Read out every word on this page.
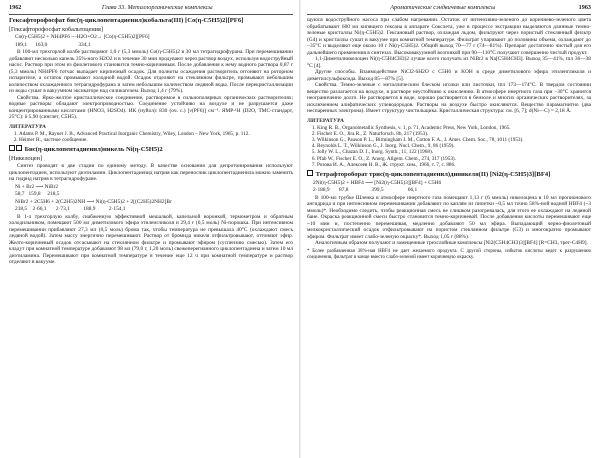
1962	Глава 33. Металлорганические комплексы
Гексафторофосфат бис(η-циклопентадиенил)кобальта(III) [Co(η-C5H5)2][PF6]
[Гексафторофосфат кобальтоцения]
Co(η-C5H5)2 + NH4PF6 —H2O+O2→ [Co(η-C5H5)2][PF6]
189,1      163,0                       334,1

В 100-мл трехгорлой колбе растворяют 1,0 г (5,3 ммоль) Co(η-C5H5)2 в 30 мл тетрагидрофурана. При перемешивании добавляют несколько капель 35%-ного H2O2 и в течение 30 мин продувают через раствор воздух, используя водоструйный насос. Раствор при этом из фиолетового становится темно-коричневым. После добавления к нему водного раствора 0,87 г (5,3 ммоль) NH4PF6 тотчас выпадает кирпичный осадок. Для полноты осаждения растворитель отгоняют на роторном испарителе, а остаток промывают холодной водой. Осадок отделяют на стеклянном фильтре, промывают небольшим количеством охлажденного тетрагидрофурана и затем небольшим количеством ледяной воды. После перекристаллизации из воды сушат в вакуумном эксикаторе над силикагелем. Выход 1,4 г (79%).

Свойства. Ярко-желтое кристаллическое соединение, растворимое в сильнополярных органических растворителях; водные растворы обладают электропроводностью. Соединение устойчиво на воздухе и не разрушается даже концентрированными кислотами (HNO3, H2SO4). ИК (нуйол): 830 (оч. с.) [ν(PF6)] см⁻¹. ЯМР-¹H (D2O, ТМС-стандарт, 25°C): δ 5,90 (синглет, C5H5).

ЛИТЕРАТУРА
1. Adams P. M., Rayner J. B., Advanced Practical Inorganic Chemistry, Wiley, London – New York, 1965, p. 112.
2. Heimer H., частное сообщение.
Бис(η-циклопентадиенил)никель Ni(η-C5H5)2
[Никелоцен]

Синтез проводят в две стадии по единому методу. В качестве основания для депротонирования используют циклопентадиен, используют диэтиламин. Циклопентадиенид натрия как переносчик циклопентадиенила можно заменить на гидрид натрия в тетрагидрофуране.

Ni + Br2 ⟶ NiBr2
58,7   159,8     218,5
NiBr2 + 2C5H6 + 2(C2H5)2NH ⟶ Ni(η-C5H5)2 + 2[(C2H5)2NH2]Br
218,5    2·66,1       2·73,1          188,9          2·154,1

В 1-л трехгорлую колбу, снабженную эффективной мешалкой, капельной воронкой, термометром и обратным холодильником, помещают 500 мл диметилового эфира этиленгликоля и 29,4 г (0,5 моль) Ni-порошка. При интенсивном перемешивании прибавляют 27,3 мл (0,5 моль) брома так, чтобы температура не превышала 40°C (охлаждают смесь ледяной водой). Затем массу энергично перемешивают. Раствор от бромида никеля отфильтровывают, отгоняют эфир. Желто-коричневый осадок отсасывают на стеклянном фильтре и промывают эфиром (суспензию смесью). Затем его кладут при комнатной температуре добавляют 98 мл (79,0 г, 1,20 моль) свежеперегнанного циклопентадиена и затем 10 мл диэтиламина. Перемешивают при комнатной температуре в течение еще 12 ч при комнатной температуре и раствор отделяют в вакууме.

Ароматические сэндвичевые комплексы	1963

щуюся водоструйного насоса при слабом нагревании. Остаток от интенсивно-зеленого до коричнево-зеленого цвета обрабатывают 600 мл кипящего гексана в аппарате Сокслета, уже в процессе экстракции выделяются длинные темно-зеленые кристаллы Ni(η-C5H5)2. Гексановый раствор, охлаждая льдом, фильтруют через пористый стеклянный фильтр (G4) и кристаллы сушат в вакууме при комнатной температуре. Фильтрат упаривают до половины объема, охлаждают до −35°C и выделяют еще около 10 г Ni(η-C5H5)2. Общий выход 70—77 г (74—81%). Препарат достаточно чистый для его дальнейшего применения в синтезах. Высоковакуумной возгонкой при 90—110°C получают совершенно чистый продукт.

1,1-Диметилникелоцен Ni(η-C5H4CH3)2 лучше всего получать из NiBr2 в Na[C5H4CH3]. Выход 35—41%, tпл 36—38 °C [4].

Другие способы. Взаимодействие NiCl2·6H2O с C5H6 и KOH в среде диметилового эфира этиленгликоля и диметилсульфоксида. Выход 85—87% [5].

Свойства. Темно-зеленые с металлическим блеском иголки или листочки, tпл 173—174°C. В твердом состоянии вещество разлагается на воздухе, в растворе неустойчиво к окислению. В атмосфере инертного газа при −30°C хранится неограниченно долго. Не растворяется в воде, хорошо растворяется в бензоле и многих органических растворителях, за исключением алифатических углеводородов. Растворы на воздухе быстро окисляются. Вещество парамагнитно (два неспаренных электрона). Имеет структуру чистильщика. Кристаллическая структура: см. [6, 7]; d(Ni—C) = 2,18 Å.

ЛИТЕРАТУРА
1. King R. B., Organometallic Synthesis, v. 1, p. 71, Academic Press, New York, London, 1965.
2. Fischer E. O., Jira R., Z. Naturforsch. 8b, 217 (1953).
3. Wilkinson G., Pauson P. L., Birmingham J. M., Cotton F. A., J. Amer. Chem. Soc., 78, 1011 (1953).
4. Reynolds L. T., Wilkinson G., J. Inorg. Nucl. Chem., 9, 86 (1959).
5. Jolly W. L., Chazan D. J., Inorg. Synth., 11, 122 (1968).
6. Pfab W., Fischer E. O., Z. Anorg. Allgem. Chem., 274, 317 (1953).
7. Розова И. А., Алексеев Н. В., Ж. структ. хим., 1966, т. 7, с. 886.
Тетрафтороборат трис(η-циклопентадиенил)диникеля(II) [Ni2(η-C5H5)3][BF4]
2Ni(η-C5H5)2 + HBF4 ⟶ [Ni2(η-C5H5)3][BF4] + C5H6
2·188,9       87,8                 399,5                  66,1

В 100-мл трубке Шленка в атмосфере инертного газа помещают 1,13 г (6 ммоль) никелоцена в 10 мл пропионового ангидрида и при интенсивном перемешивании добавляют по каплям из пипетки ~0,5 мл точно 58%-ной водной HBF4 (~3 ммоль)*. Необходимо следить, чтобы реакционная смесь не слишком разогревалась, для этого ее охлаждают на ледяной бане. Окраска реакционной смеси быстро становится темно-коричневой. После добавления кислоты перемешивают еще ~10 мин и, постепенно перемешивая, медленно добавляют 50 мл эфира. Выпадающий черно-фиолетовый мелкокристаллический осадок отфильтровывают на пористом стеклянном фильтре (G3) и многократно промывают эфиром. Фильтрат имеет слабо-зеленую окраску*. Выход 1,05 г (88%).

Аналогичным образом получают и замещенные трехслойные комплексы [Ni2(C5H4CH3)3][BF4] [R=CH3, трет-C4H9].

* Более разбавленная 38%-ная HBF4 не дает желаемого продукта. С другой стороны, избыток кислоты ведет к разрушению соединения, фильтрат в конце вместо слабо-зеленой имеет коричневую окраску.
